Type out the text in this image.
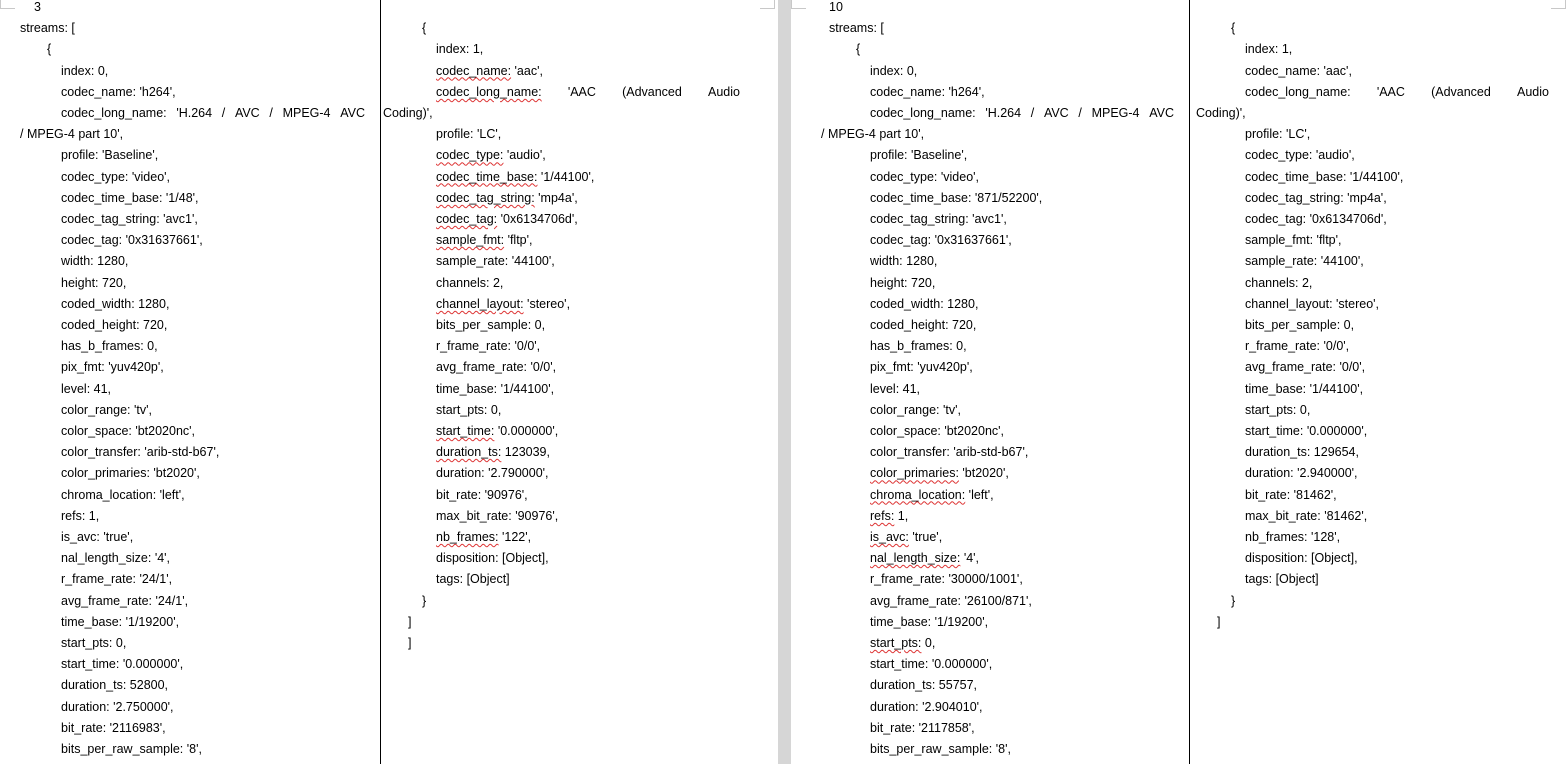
3
streams: [
{
index: 0,
codec_name: 'h264',
codec_long_name: 'H.264 / AVC / MPEG-4 AVC
/ MPEG-4 part 10',
profile: 'Baseline',
codec_type: 'video',
codec_time_base: '1/48',
codec_tag_string: 'avc1',
codec_tag: '0x31637661',
width: 1280,
height: 720,
coded_width: 1280,
coded_height: 720,
has_b_frames: 0,
pix_fmt: 'yuv420p',
level: 41,
color_range: 'tv',
color_space: 'bt2020nc',
color_transfer: 'arib-std-b67',
color_primaries: 'bt2020',
chroma_location: 'left',
refs: 1,
is_avc: 'true',
nal_length_size: '4',
r_frame_rate: '24/1',
avg_frame_rate: '24/1',
time_base: '1/19200',
start_pts: 0,
start_time: '0.000000',
duration_ts: 52800,
duration: '2.750000',
bit_rate: '2116983',
bits_per_raw_sample: '8',
{
index: 1,
codec_name: 'aac',
codec_long_name: 'AAC (Advanced Audio
Coding)',
profile: 'LC',
codec_type: 'audio',
codec_time_base: '1/44100',
codec_tag_string: 'mp4a',
codec_tag: '0x6134706d',
sample_fmt: 'fltp',
sample_rate: '44100',
channels: 2,
channel_layout: 'stereo',
bits_per_sample: 0,
r_frame_rate: '0/0',
avg_frame_rate: '0/0',
time_base: '1/44100',
start_pts: 0,
start_time: '0.000000',
duration_ts: 123039,
duration: '2.790000',
bit_rate: '90976',
max_bit_rate: '90976',
nb_frames: '122',
disposition: [Object],
tags: [Object]
}
]
]
10
streams: [
{
index: 0,
codec_name: 'h264',
codec_long_name: 'H.264 / AVC / MPEG-4 AVC
/ MPEG-4 part 10',
profile: 'Baseline',
codec_type: 'video',
codec_time_base: '871/52200',
codec_tag_string: 'avc1',
codec_tag: '0x31637661',
width: 1280,
height: 720,
coded_width: 1280,
coded_height: 720,
has_b_frames: 0,
pix_fmt: 'yuv420p',
level: 41,
color_range: 'tv',
color_space: 'bt2020nc',
color_transfer: 'arib-std-b67',
color_primaries: 'bt2020',
chroma_location: 'left',
refs: 1,
is_avc: 'true',
nal_length_size: '4',
r_frame_rate: '30000/1001',
avg_frame_rate: '26100/871',
time_base: '1/19200',
start_pts: 0,
start_time: '0.000000',
duration_ts: 55757,
duration: '2.904010',
bit_rate: '2117858',
bits_per_raw_sample: '8',
{
index: 1,
codec_name: 'aac',
codec_long_name: 'AAC (Advanced Audio
Coding)',
profile: 'LC',
codec_type: 'audio',
codec_time_base: '1/44100',
codec_tag_string: 'mp4a',
codec_tag: '0x6134706d',
sample_fmt: 'fltp',
sample_rate: '44100',
channels: 2,
channel_layout: 'stereo',
bits_per_sample: 0,
r_frame_rate: '0/0',
avg_frame_rate: '0/0',
time_base: '1/44100',
start_pts: 0,
start_time: '0.000000',
duration_ts: 129654,
duration: '2.940000',
bit_rate: '81462',
max_bit_rate: '81462',
nb_frames: '128',
disposition: [Object],
tags: [Object]
}
]
